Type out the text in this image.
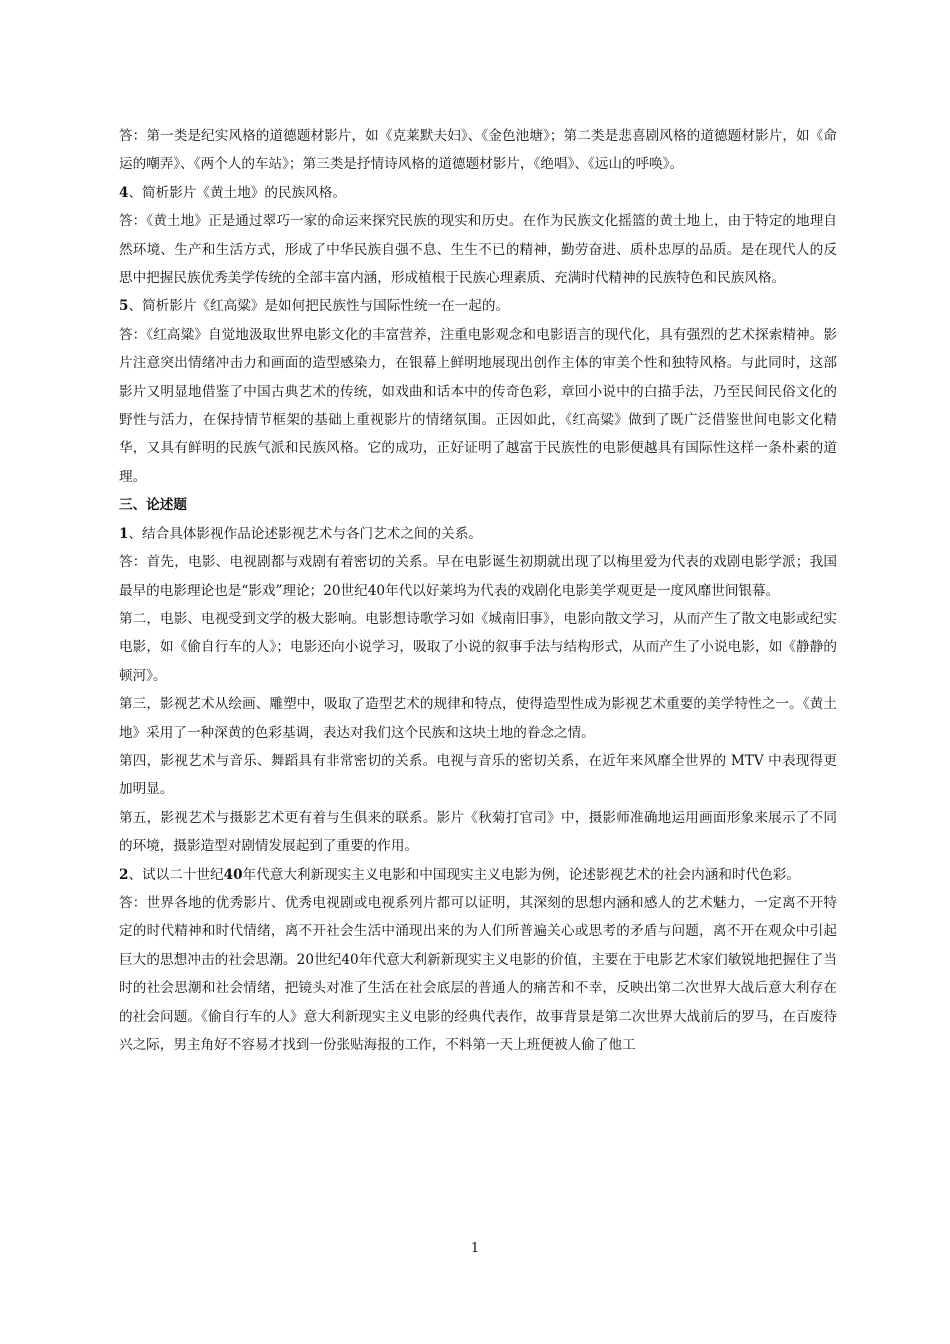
答：第一类是纪实风格的道德题材影片，如《克莱默夫妇》、《金色池塘》；第二类是悲喜剧风格的道德题材影片，如《命运的嘲弄》、《两个人的车站》；第三类是抒情诗风格的道德题材影片，《绝唱》、《远山的呼唤》。

4、简析影片《黄土地》的民族风格。

答：《黄土地》正是通过翠巧一家的命运来探究民族的现实和历史。在作为民族文化摇篮的黄土地上，由于特定的地理自然环境、生产和生活方式，形成了中华民族自强不息、生生不已的精神，勤劳奋进、质朴忠厚的品质。是在现代人的反思中把握民族优秀美学传统的全部丰富内涵，形成植根于民族心理素质、充满时代精神的民族特色和民族风格。

5、简析影片《红高粱》是如何把民族性与国际性统一在一起的。

答：《红高粱》自觉地汲取世界电影文化的丰富营养，注重电影观念和电影语言的现代化，具有强烈的艺术探索精神。影片注意突出情绪冲击力和画面的造型感染力，在银幕上鲜明地展现出创作主体的审美个性和独特风格。与此同时，这部影片又明显地借鉴了中国古典艺术的传统，如戏曲和话本中的传奇色彩，章回小说中的白描手法，乃至民间民俗文化的野性与活力，在保持情节框架的基础上重视影片的情绪氛围。正因如此，《红高粱》做到了既广泛借鉴世间电影文化精华，又具有鲜明的民族气派和民族风格。它的成功，正好证明了越富于民族性的电影便越具有国际性这样一条朴素的道理。

三、论述题

1、结合具体影视作品论述影视艺术与各门艺术之间的关系。

答：首先，电影、电视剧都与戏剧有着密切的关系。早在电影诞生初期就出现了以梅里爱为代表的戏剧电影学派；我国最早的电影理论也是“影戏”理论；20世纪40年代以好莱坞为代表的戏剧化电影美学观更是一度风靡世间银幕。

第二，电影、电视受到文学的极大影响。电影想诗歌学习如《城南旧事》，电影向散文学习，从而产生了散文电影或纪实电影，如《偷自行车的人》；电影还向小说学习，吸取了小说的叙事手法与结构形式，从而产生了小说电影，如《静静的顿河》。

第三，影视艺术从绘画、雕塑中，吸取了造型艺术的规律和特点，使得造型性成为影视艺术重要的美学特性之一。《黄土地》采用了一种深黄的色彩基调，表达对我们这个民族和这块土地的眷念之情。

第四，影视艺术与音乐、舞蹈具有非常密切的关系。电视与音乐的密切关系，在近年来风靡全世界的 MTV 中表现得更加明显。

第五，影视艺术与摄影艺术更有着与生俱来的联系。影片《秋菊打官司》中，摄影师准确地运用画面形象来展示了不同的环境，摄影造型对剧情发展起到了重要的作用。

2、试以二十世纪40年代意大利新现实主义电影和中国现实主义电影为例，论述影视艺术的社会内涵和时代色彩。

答：世界各地的优秀影片、优秀电视剧或电视系列片都可以证明，其深刻的思想内涵和感人的艺术魅力，一定离不开特定的时代精神和时代情绪，离不开社会生活中涌现出来的为人们所普遍关心或思考的矛盾与问题，离不开在观众中引起巨大的思想冲击的社会思潮。20世纪40年代意大利新新现实主义电影的价值，主要在于电影艺术家们敏锐地把握住了当时的社会思潮和社会情绪，把镜头对准了生活在社会底层的普通人的痛苦和不幸，反映出第二次世界大战后意大利存在的社会问题。《偷自行车的人》意大利新现实主义电影的经典代表作，故事背景是第二次世界大战前后的罗马，在百废待兴之际，男主角好不容易才找到一份张贴海报的工作，不料第一天上班便被人偷了他工

1
